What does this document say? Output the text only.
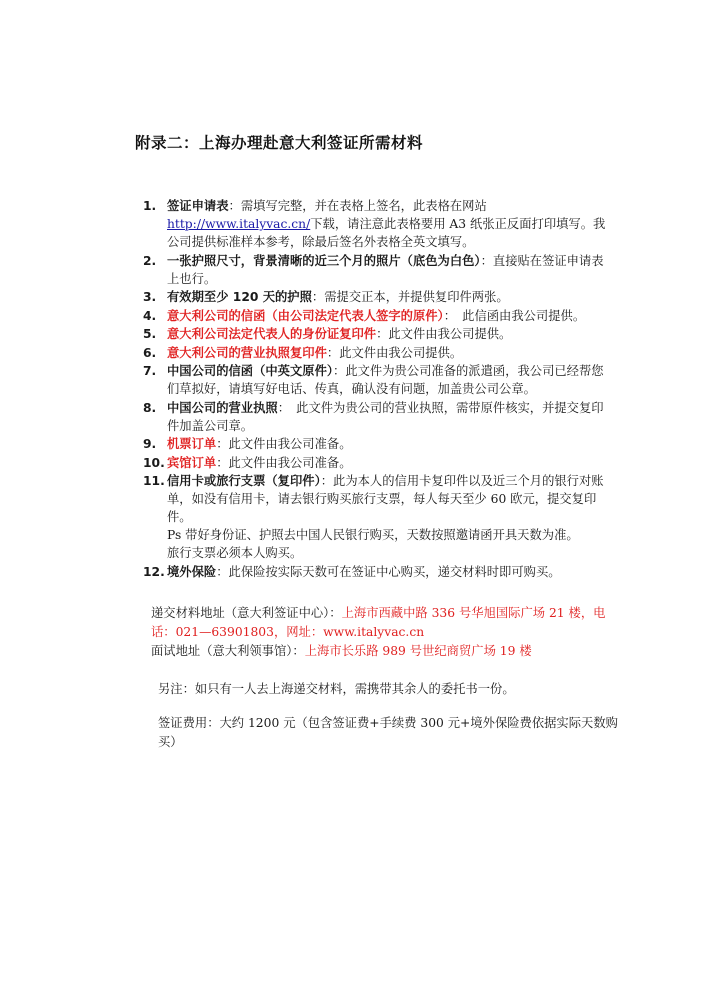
附录二：上海办理赴意大利签证所需材料
1. 签证申请表：需填写完整，并在表格上签名，此表格在网站 http://www.italyvac.cn/下载，请注意此表格要用 A3 纸张正反面打印填写。我公司提供标准样本参考，除最后签名外表格全英文填写。
2. 一张护照尺寸，背景清晰的近三个月的照片（底色为白色）：直接贴在签证申请表上也行。
3. 有效期至少 120 天的护照：需提交正本，并提供复印件两张。
4. 意大利公司的信函（由公司法定代表人签字的原件）：　此信函由我公司提供。
5. 意大利公司法定代表人的身份证复印件：此文件由我公司提供。
6. 意大利公司的营业执照复印件：此文件由我公司提供。
7. 中国公司的信函（中英文原件）：此文件为贵公司准备的派遣函，我公司已经帮您们草拟好，请填写好电话、传真，确认没有问题，加盖贵公司公章。
8. 中国公司的营业执照：　此文件为贵公司的营业执照，需带原件核实，并提交复印件加盖公司章。
9. 机票订单：此文件由我公司准备。
10. 宾馆订单：此文件由我公司准备。
11. 信用卡或旅行支票（复印件）：此为本人的信用卡复印件以及近三个月的银行对账单，如没有信用卡，请去银行购买旅行支票，每人每天至少 60 欧元，提交复印件。
Ps 带好身份证、护照去中国人民银行购买，天数按照邀请函开具天数为准。
旅行支票必须本人购买。
12. 境外保险：此保险按实际天数可在签证中心购买，递交材料时即可购买。
递交材料地址（意大利签证中心）：上海市西藏中路 336 号华旭国际广场 21 楼，电话：021—63901803，网址：www.italyvac.cn
面试地址（意大利领事馆）：上海市长乐路 989 号世纪商贸广场 19 楼
另注：如只有一人去上海递交材料，需携带其余人的委托书一份。
签证费用：大约 1200 元（包含签证费+手续费 300 元+境外保险费依据实际天数购买）
